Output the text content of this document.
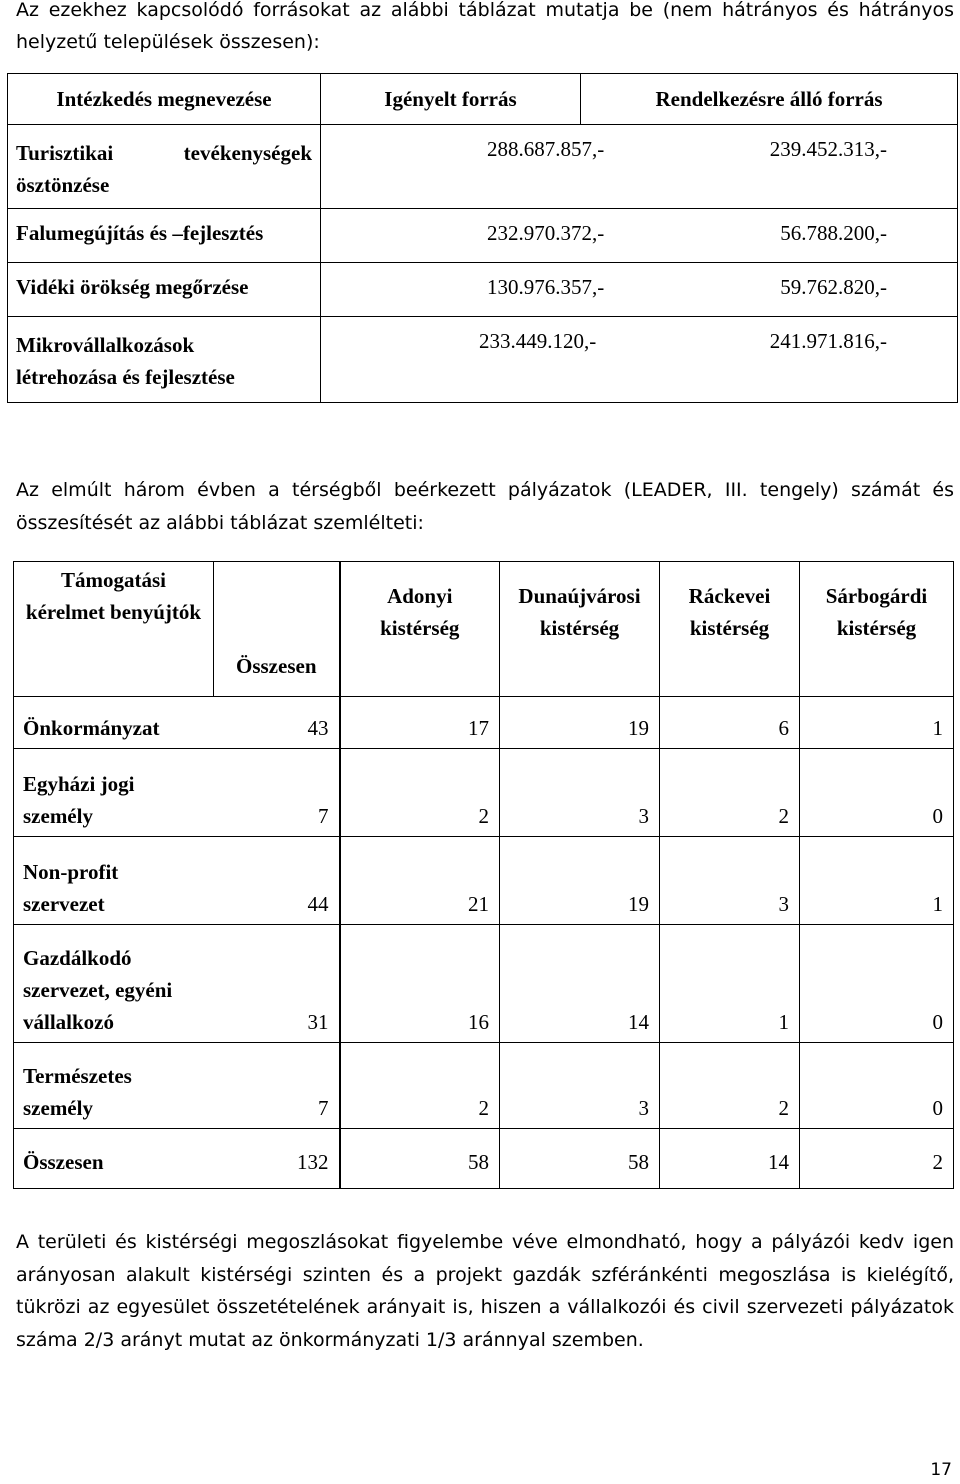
Az ezekhez kapcsolódó forrásokat az alábbi táblázat mutatja be (nem hátrányos és hátrányos helyzetű települések összesen):
Intézkedés megnevezése	Igényelt forrás	Rendelkezésre álló forrás
Turisztikai tevékenységek ösztönzése	288.687.857,-	239.452.313,-
Falumegújítás és –fejlesztés	232.970.372,-	56.788.200,-
Vidéki örökség megőrzése	130.976.357,-	59.762.820,-
Mikrovállalkozások létrehozása és fejlesztése	233.449.120,-	241.971.816,-
Az elmúlt három évben a térségből beérkezett pályázatok (LEADER, III. tengely) számát és összesítését az alábbi táblázat szemlélteti:
Támogatási kérelmet benyújtók	Összesen	Adonyi kistérség	Dunaújvárosi kistérség	Ráckevei kistérség	Sárbogárdi kistérség
Önkormányzat	43	17	19	6	1
Egyházi jogi személy	7	2	3	2	0
Non-profit szervezet	44	21	19	3	1
Gazdálkodó szervezet, egyéni vállalkozó	31	16	14	1	0
Természetes személy	7	2	3	2	0
Összesen	132	58	58	14	2
A területi és kistérségi megoszlásokat figyelembe véve elmondható, hogy a pályázói kedv igen arányosan alakult kistérségi szinten és a projekt gazdák szféránkénti megoszlása is kielégítő, tükrözi az egyesület összetételének arányait is, hiszen a vállalkozói és civil szervezeti pályázatok száma 2/3 arányt mutat az önkormányzati 1/3 aránnyal szemben.
17
